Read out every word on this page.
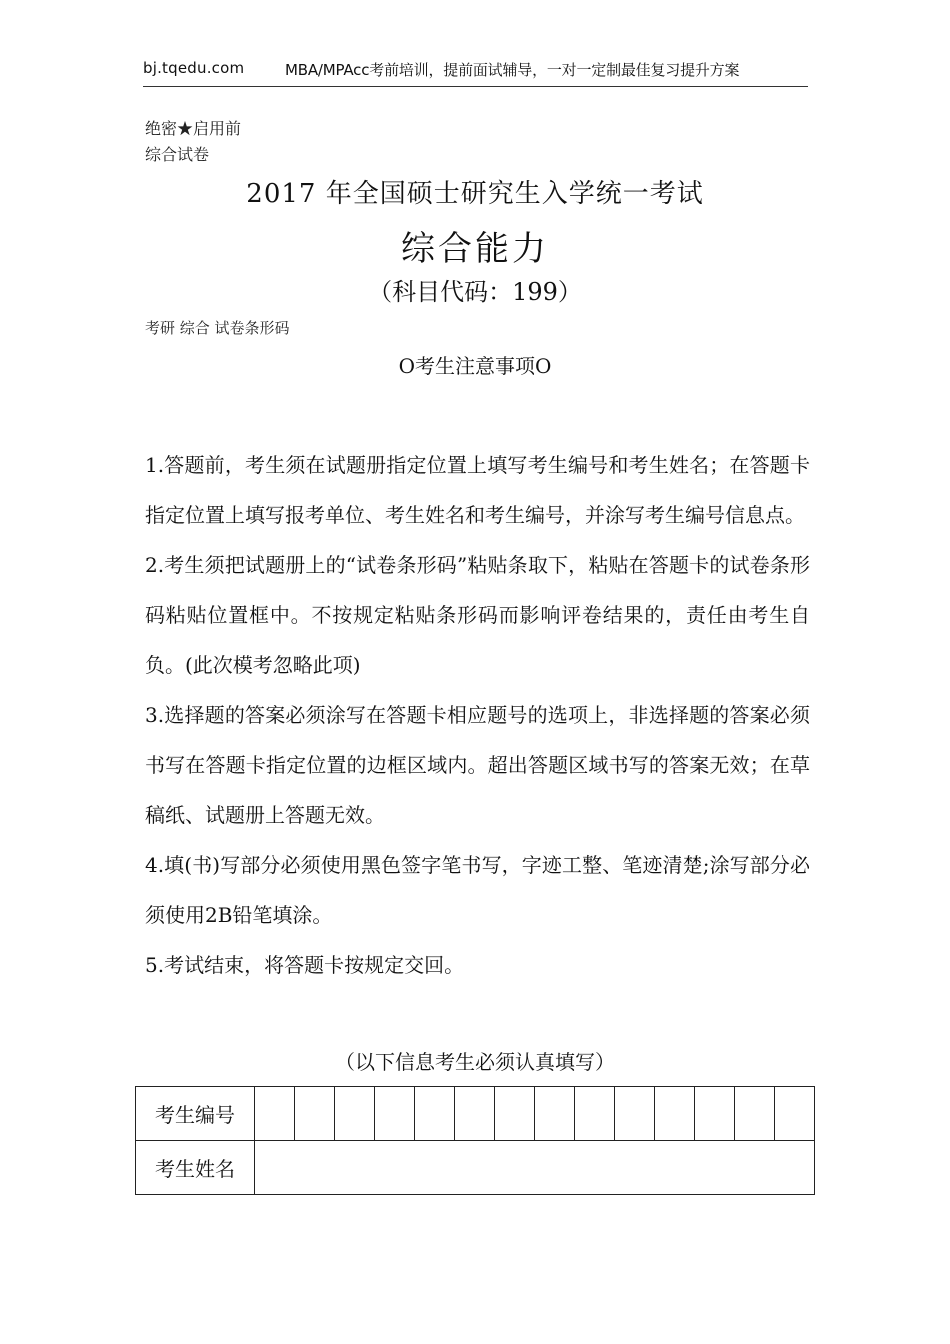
bj.tqedu.com	MBA/MPAcc考前培训，提前面试辅导，一对一定制最佳复习提升方案
绝密★启用前
综合试卷
2017 年全国硕士研究生入学统一考试
综合能力
（科目代码：199）
考研 综合 试卷条形码
O考生注意事项O

1.答题前，考生须在试题册指定位置上填写考生编号和考生姓名；在答题卡指定位置上填写报考单位、考生姓名和考生编号，并涂写考生编号信息点。

2.考生须把试题册上的“试卷条形码”粘贴条取下，粘贴在答题卡的试卷条形码粘贴位置框中。不按规定粘贴条形码而影响评卷结果的，责任由考生自负。(此次模考忽略此项)

3.选择题的答案必须涂写在答题卡相应题号的选项上，非选择题的答案必须书写在答题卡指定位置的边框区域内。超出答题区域书写的答案无效；在草稿纸、试题册上答题无效。

4.填(书)写部分必须使用黑色签字笔书写，字迹工整、笔迹清楚;涂写部分必须使用2B铅笔填涂。

5.考试结束，将答题卡按规定交回。

（以下信息考生必须认真填写）
考生编号														
考生姓名														
